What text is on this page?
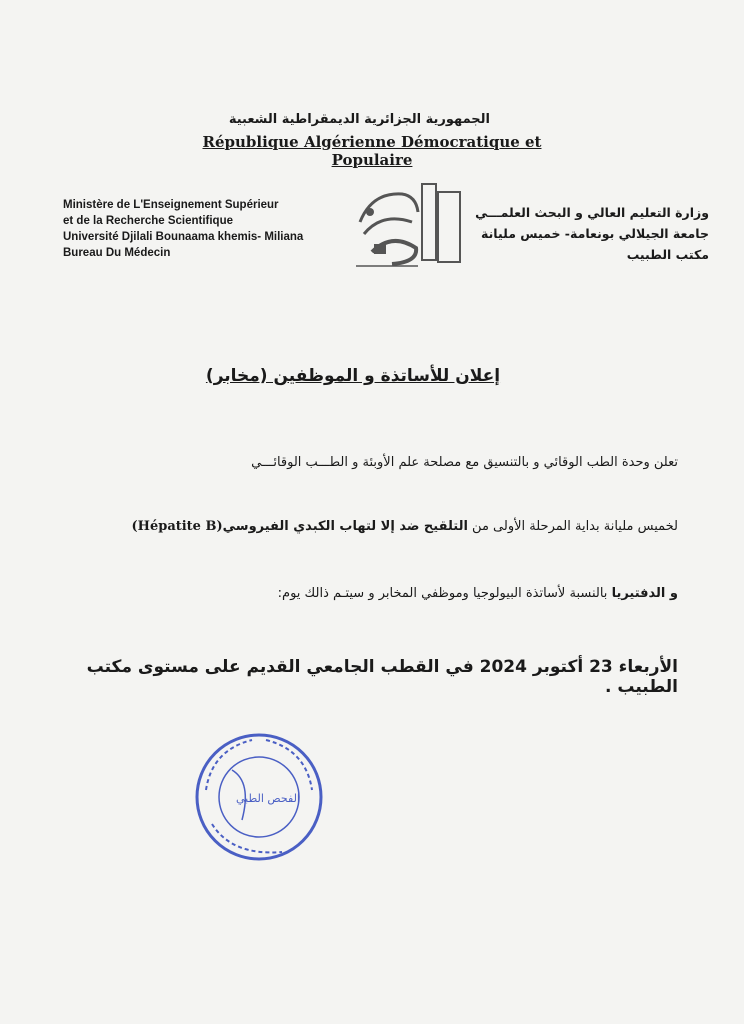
الجمهورية الجزائرية الديمقراطية الشعبية
République Algérienne Démocratique et Populaire
Ministère de L'Enseignement Supérieur
et de la Recherche Scientifique
Université Djilali Bounaama khemis- Miliana
Bureau Du Médecin
وزارة التعليم العالي و البحث العلمـــي
جامعة الجيلالي بونعامة- خميس مليانة
مكتب الطبيب
إعلان للأساتذة و الموظفين (مخابر)
تعلن وحدة الطب الوقائي و بالتنسيق مع مصلحة علم الأوبئة و الطـــب الوقائـــي
لخميس مليانة بداية المرحلة الأولى من التلقيح ضد إلا لتهاب الكبدي الفيروسي(Hépatite B)
و الدفتيريا بالنسبة لأساتذة البيولوجيا وموظفي المخابر و سيتـم ذالك يوم:
الأربعاء 23 أكتوبر 2024 في القطب الجامعي القديم على مستوى مكتب الطبيب .
الفحص الطبي
